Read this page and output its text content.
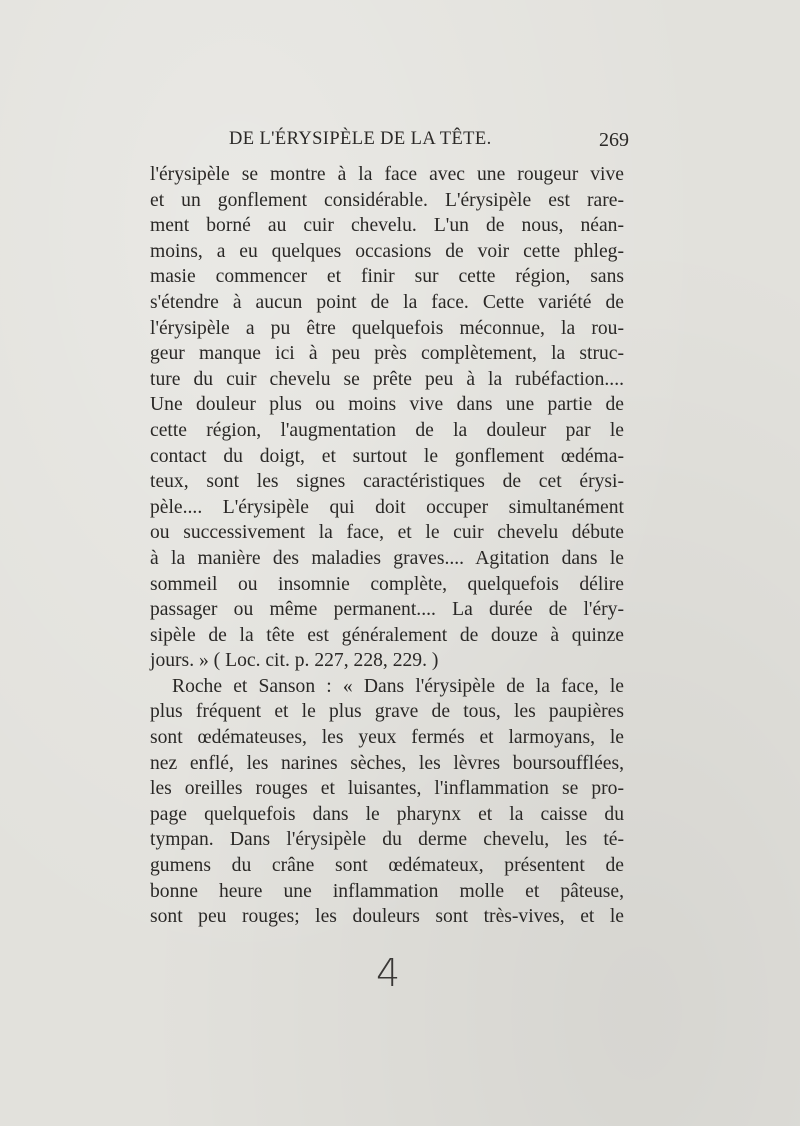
DE L'ÉRYSIPÈLE DE LA TÊTE.	269
l'érysipèle se montre à la face avec une rougeur vive
et un gonflement considérable. L'érysipèle est rare-
ment borné au cuir chevelu. L'un de nous, néan-
moins, a eu quelques occasions de voir cette phleg-
masie commencer et finir sur cette région, sans
s'étendre à aucun point de la face. Cette variété de
l'érysipèle a pu être quelquefois méconnue, la rou-
geur manque ici à peu près complètement, la struc-
ture du cuir chevelu se prête peu à la rubéfaction....
Une douleur plus ou moins vive dans une partie de
cette région, l'augmentation de la douleur par le
contact du doigt, et surtout le gonflement œdéma-
teux, sont les signes caractéristiques de cet érysi-
pèle.... L'érysipèle qui doit occuper simultanément
ou successivement la face, et le cuir chevelu débute
à la manière des maladies graves.... Agitation dans le
sommeil ou insomnie complète, quelquefois délire
passager ou même permanent.... La durée de l'éry-
sipèle de la tête est généralement de douze à quinze
jours. » ( Loc. cit. p. 227, 228, 229. )
Roche et Sanson : « Dans l'érysipèle de la face, le
plus fréquent et le plus grave de tous, les paupières
sont œdémateuses, les yeux fermés et larmoyans, le
nez enflé, les narines sèches, les lèvres boursoufflées,
les oreilles rouges et luisantes, l'inflammation se pro-
page quelquefois dans le pharynx et la caisse du
tympan. Dans l'érysipèle du derme chevelu, les té-
gumens du crâne sont œdémateux, présentent de
bonne heure une inflammation molle et pâteuse,
sont peu rouges; les douleurs sont très-vives, et le
4
